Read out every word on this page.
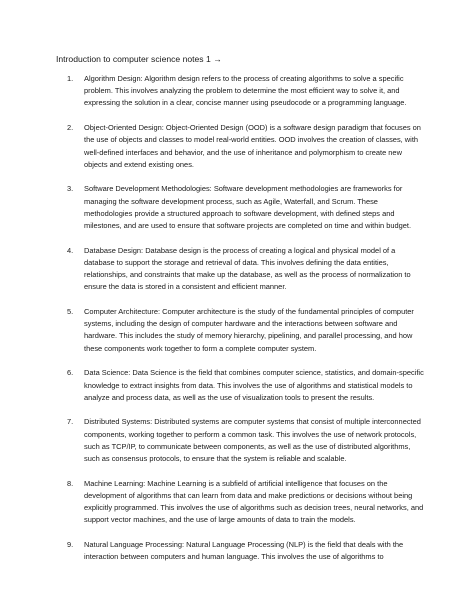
Introduction to computer science notes 1 →
1. Algorithm Design: Algorithm design refers to the process of creating algorithms to solve a specific problem. This involves analyzing the problem to determine the most efficient way to solve it, and expressing the solution in a clear, concise manner using pseudocode or a programming language.
2. Object-Oriented Design: Object-Oriented Design (OOD) is a software design paradigm that focuses on the use of objects and classes to model real-world entities. OOD involves the creation of classes, with well-defined interfaces and behavior, and the use of inheritance and polymorphism to create new objects and extend existing ones.
3. Software Development Methodologies: Software development methodologies are frameworks for managing the software development process, such as Agile, Waterfall, and Scrum. These methodologies provide a structured approach to software development, with defined steps and milestones, and are used to ensure that software projects are completed on time and within budget.
4. Database Design: Database design is the process of creating a logical and physical model of a database to support the storage and retrieval of data. This involves defining the data entities, relationships, and constraints that make up the database, as well as the process of normalization to ensure the data is stored in a consistent and efficient manner.
5. Computer Architecture: Computer architecture is the study of the fundamental principles of computer systems, including the design of computer hardware and the interactions between software and hardware. This includes the study of memory hierarchy, pipelining, and parallel processing, and how these components work together to form a complete computer system.
6. Data Science: Data Science is the field that combines computer science, statistics, and domain-specific knowledge to extract insights from data. This involves the use of algorithms and statistical models to analyze and process data, as well as the use of visualization tools to present the results.
7. Distributed Systems: Distributed systems are computer systems that consist of multiple interconnected components, working together to perform a common task. This involves the use of network protocols, such as TCP/IP, to communicate between components, as well as the use of distributed algorithms, such as consensus protocols, to ensure that the system is reliable and scalable.
8. Machine Learning: Machine Learning is a subfield of artificial intelligence that focuses on the development of algorithms that can learn from data and make predictions or decisions without being explicitly programmed. This involves the use of algorithms such as decision trees, neural networks, and support vector machines, and the use of large amounts of data to train the models.
9. Natural Language Processing: Natural Language Processing (NLP) is the field that deals with the interaction between computers and human language. This involves the use of algorithms to
